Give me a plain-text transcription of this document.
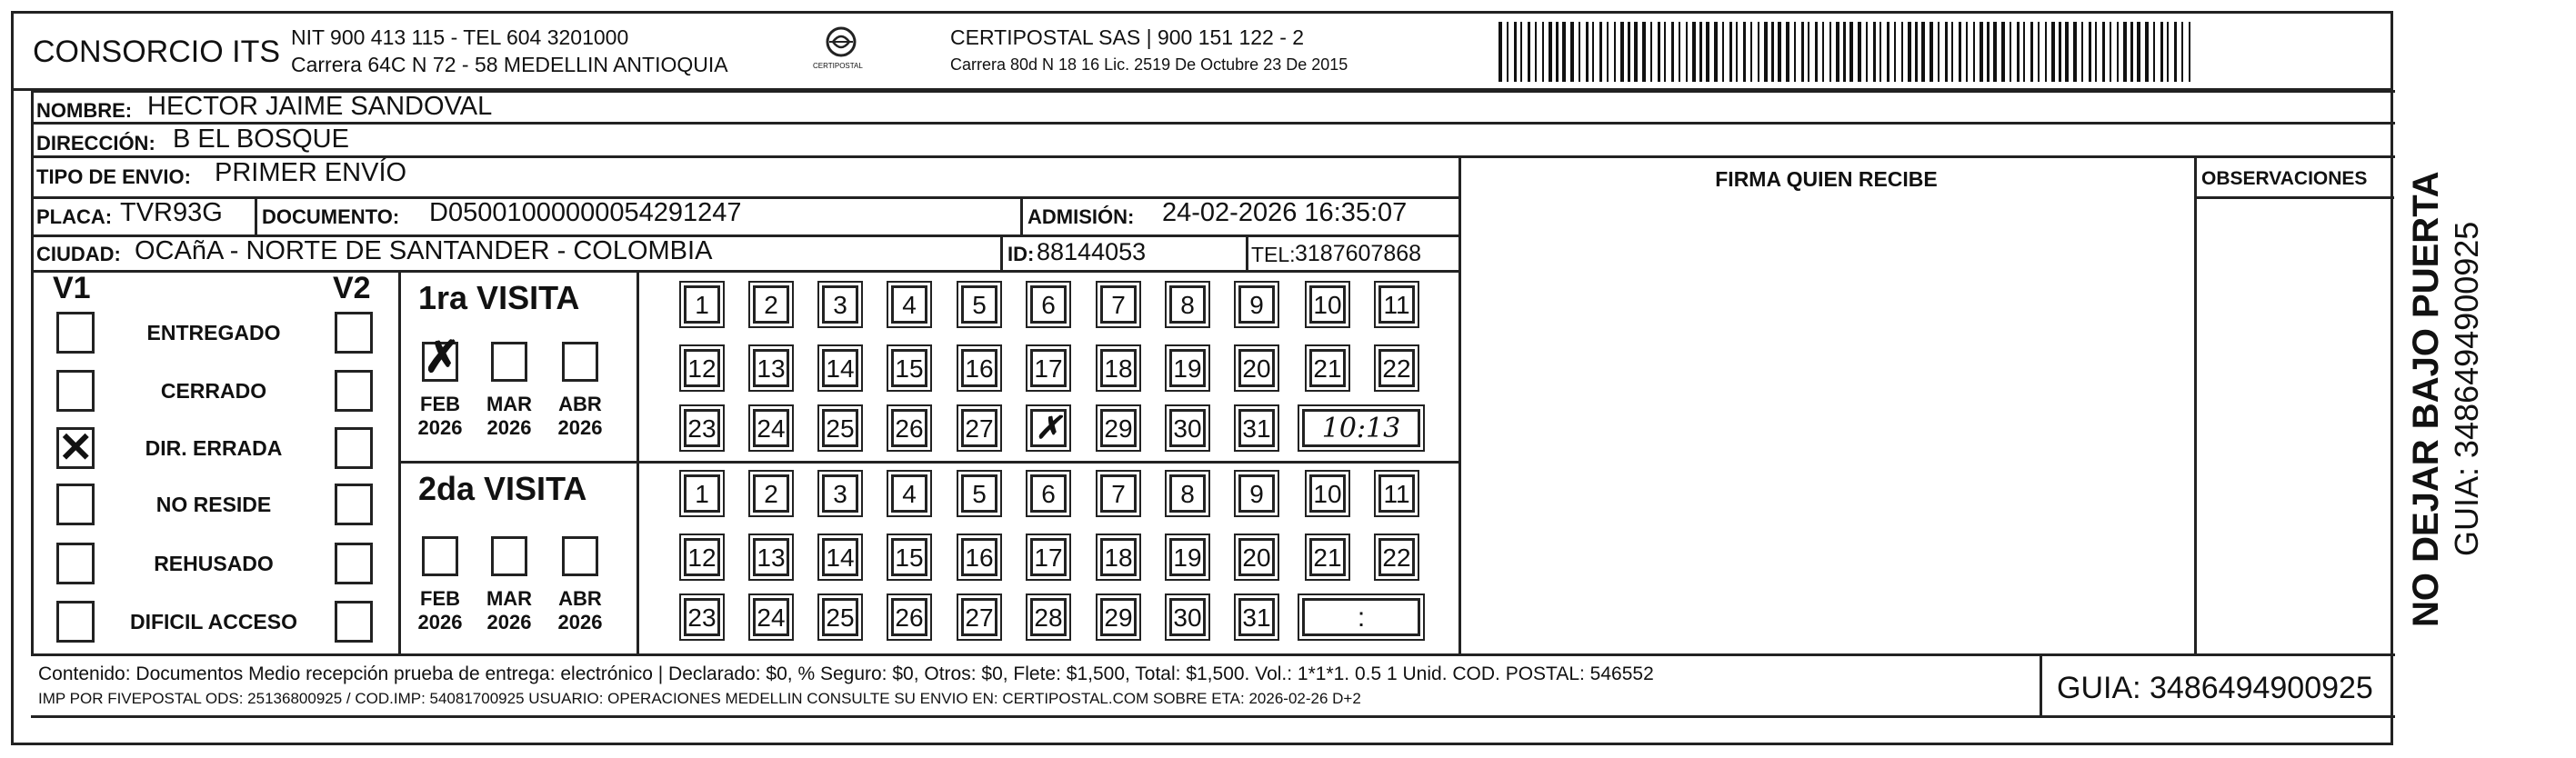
CONSORCIO ITS NIT 900 413 115 - TEL 604 3201000
Carrera 64C N 72 - 58 MEDELLIN ANTIOQUIA	CERTIPOSTAL
CERTIPOSTAL SAS | 900 151 122 - 2
Carrera 80d N 18 16 Lic. 2519 De Octubre 23 De 2015
NOMBRE: HECTOR JAIME SANDOVAL
DIRECCIÓN: B EL BOSQUE
TIPO DE ENVIO: PRIMER ENVÍO
PLACA: TVR93G DOCUMENTO: D05001000000054291247	ADMISIÓN: 24-02-2026 16:35:07
CIUDAD: OCAñA - NORTE DE SANTANDER - COLOMBIA	ID: 88144053	TEL: 3187607868
FIRMA QUIEN RECIBE	OBSERVACIONES
V1	V2 1ra VISITA
2da VISITA
Contenido: Documentos Medio recepción prueba de entrega: electrónico | Declarado: $0, % Seguro: $0, Otros: $0, Flete: $1,500, Total: $1,500. Vol.: 1*1*1. 0.5 1 Unid. COD. POSTAL: 546552
IMP POR FIVEPOSTAL ODS: 25136800925 / COD.IMP: 54081700925 USUARIO: OPERACIONES MEDELLIN CONSULTE SU ENVIO EN: CERTIPOSTAL.COM SOBRE ETA: 2026-02-26 D+2	GUIA: 3486494900925
NO DEJAR BAJO PUERTA GUIA: 3486494900925
ENTREGADO
CERRADO
✕	DIR. ERRADA
NO RESIDE
REHUSADO
DIFICIL ACCESO
✗
FEB
2026
MAR
2026
ABR
2026
FEB
2026
MAR
2026
ABR
2026
1	2	3	4	5	6	7	8	9	10 11
12 13 14 15 16 17 18 19 20 21 22
23 24 25 26 27 ✗ 29 30 31	10:13
1	2	3	4	5	6	7	8	9	10 11
12 13 14 15 16 17 18 19 20 21 22
23 24 25 26 27 28 29 30 31	:
